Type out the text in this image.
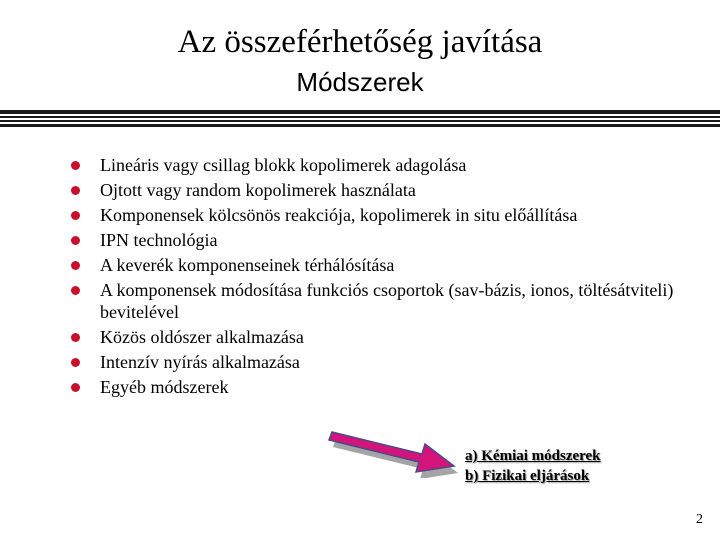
Az összeférhetőség javítása
Módszerek
Lineáris vagy csillag blokk kopolimerek adagolása
Ojtott vagy random kopolimerek használata
Komponensek kölcsönös reakciója, kopolimerek in situ előállítása
IPN technológia
A keverék komponenseinek térhálósítása
A komponensek módosítása funkciós csoportok (sav-bázis, ionos, töltésátviteli) bevitelével
Közös oldószer alkalmazása
Intenzív nyírás alkalmazása
Egyéb módszerek
a) Kémiai módszerek
b) Fizikai eljárások
2
